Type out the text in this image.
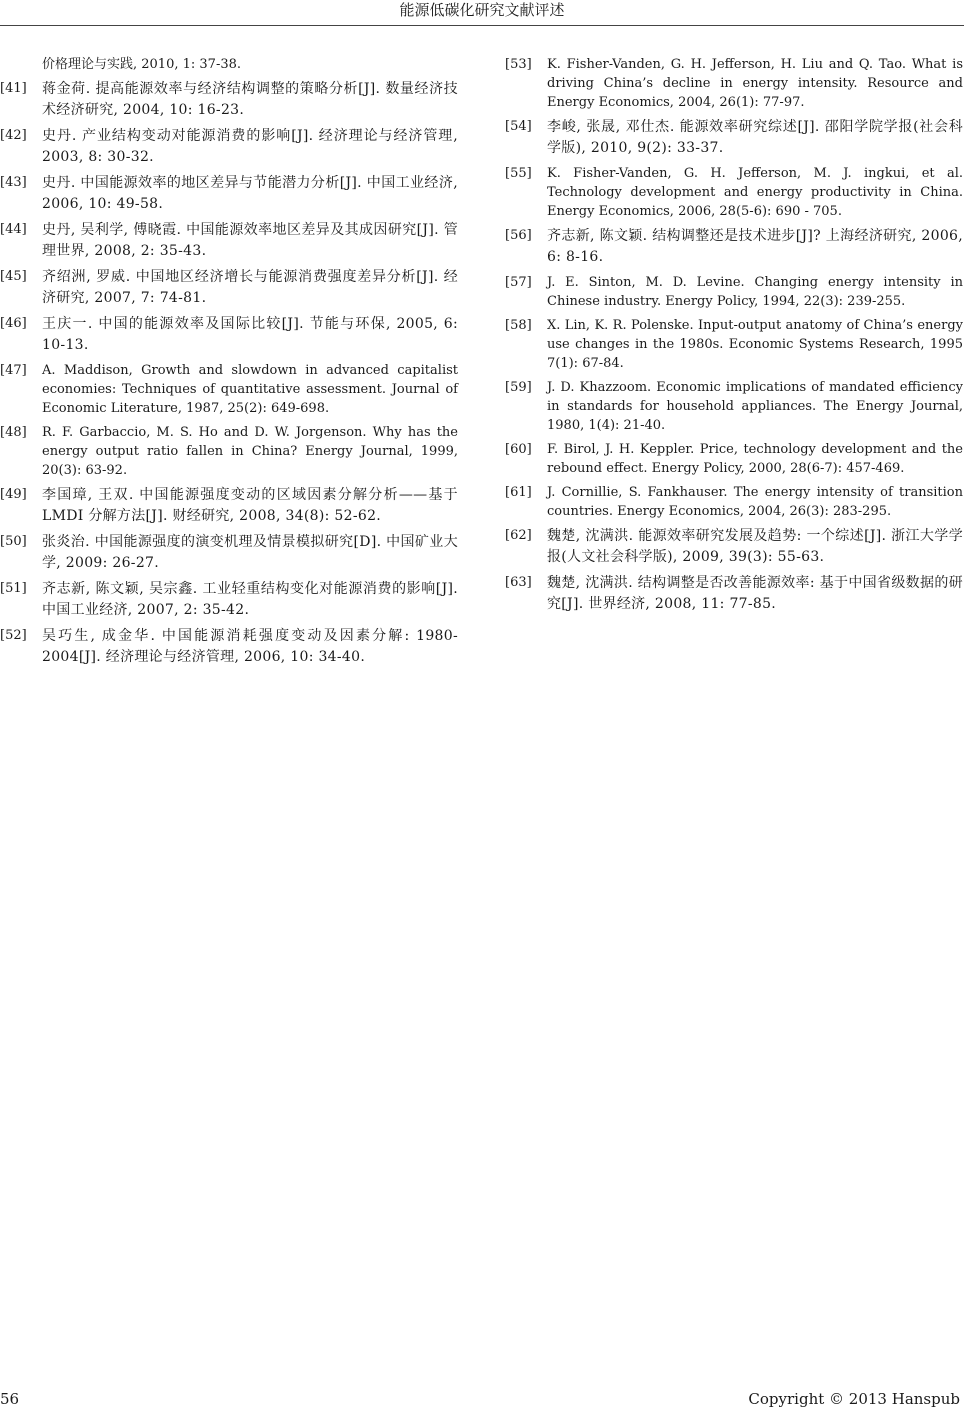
能源低碳化研究文献评述
价格理论与实践, 2010, 1: 37-38.
[41]	蒋金荷. 提高能源效率与经济结构调整的策略分析[J]. 数量经济技术经济研究, 2004, 10: 16-23.
[42]	史丹. 产业结构变动对能源消费的影响[J]. 经济理论与经济管理, 2003, 8: 30-32.
[43]	史丹. 中国能源效率的地区差异与节能潜力分析[J]. 中国工业经济, 2006, 10: 49-58.
[44]	史丹, 吴利学, 傅晓霞. 中国能源效率地区差异及其成因研究[J]. 管理世界, 2008, 2: 35-43.
[45]	齐绍洲, 罗威. 中国地区经济增长与能源消费强度差异分析[J]. 经济研究, 2007, 7: 74-81.
[46]	王庆一. 中国的能源效率及国际比较[J]. 节能与环保, 2005, 6: 10-13.
[47]	A. Maddison, Growth and slowdown in advanced capitalist economies: Techniques of quantitative assessment. Journal of Economic Literature, 1987, 25(2): 649-698.
[48]	R. F. Garbaccio, M. S. Ho and D. W. Jorgenson. Why has the energy output ratio fallen in China? Energy Journal, 1999, 20(3): 63-92.
[49]	李国璋, 王双. 中国能源强度变动的区域因素分解分析——基于 LMDI 分解方法[J]. 财经研究, 2008, 34(8): 52-62.
[50]	张炎治. 中国能源强度的演变机理及情景模拟研究[D]. 中国矿业大学, 2009: 26-27.
[51]	齐志新, 陈文颖, 吴宗鑫. 工业轻重结构变化对能源消费的影响[J]. 中国工业经济, 2007, 2: 35-42.
[52]	吴巧生, 成金华. 中国能源消耗强度变动及因素分解: 1980-2004[J]. 经济理论与经济管理, 2006, 10: 34-40.
[53]	K. Fisher-Vanden, G. H. Jefferson, H. Liu and Q. Tao. What is driving China’s decline in energy intensity. Resource and Energy Economics, 2004, 26(1): 77-97.
[54]	李峻, 张晟, 邓仕杰. 能源效率研究综述[J]. 邵阳学院学报(社会科学版), 2010, 9(2): 33-37.
[55]	K. Fisher-Vanden, G. H. Jefferson, M. J. ingkui, et al. Technology development and energy productivity in China. Energy Economics, 2006, 28(5-6): 690 - 705.
[56]	齐志新, 陈文颖. 结构调整还是技术进步[J]? 上海经济研究, 2006, 6: 8-16.
[57]	J. E. Sinton, M. D. Levine. Changing energy intensity in Chinese industry. Energy Policy, 1994, 22(3): 239-255.
[58]	X. Lin, K. R. Polenske. Input-output anatomy of China’s energy use changes in the 1980s. Economic Systems Research, 1995 7(1): 67-84.
[59]	J. D. Khazzoom. Economic implications of mandated efficiency in standards for household appliances. The Energy Journal, 1980, 1(4): 21-40.
[60]	F. Birol, J. H. Keppler. Price, technology development and the rebound effect. Energy Policy, 2000, 28(6-7): 457-469.
[61]	J. Cornillie, S. Fankhauser. The energy intensity of transition countries. Energy Economics, 2004, 26(3): 283-295.
[62]	魏楚, 沈满洪. 能源效率研究发展及趋势: 一个综述[J]. 浙江大学学报(人文社会科学版), 2009, 39(3): 55-63.
[63]	魏楚, 沈满洪. 结构调整是否改善能源效率: 基于中国省级数据的研究[J]. 世界经济, 2008, 11: 77-85.
56	Copyright © 2013 Hanspub
